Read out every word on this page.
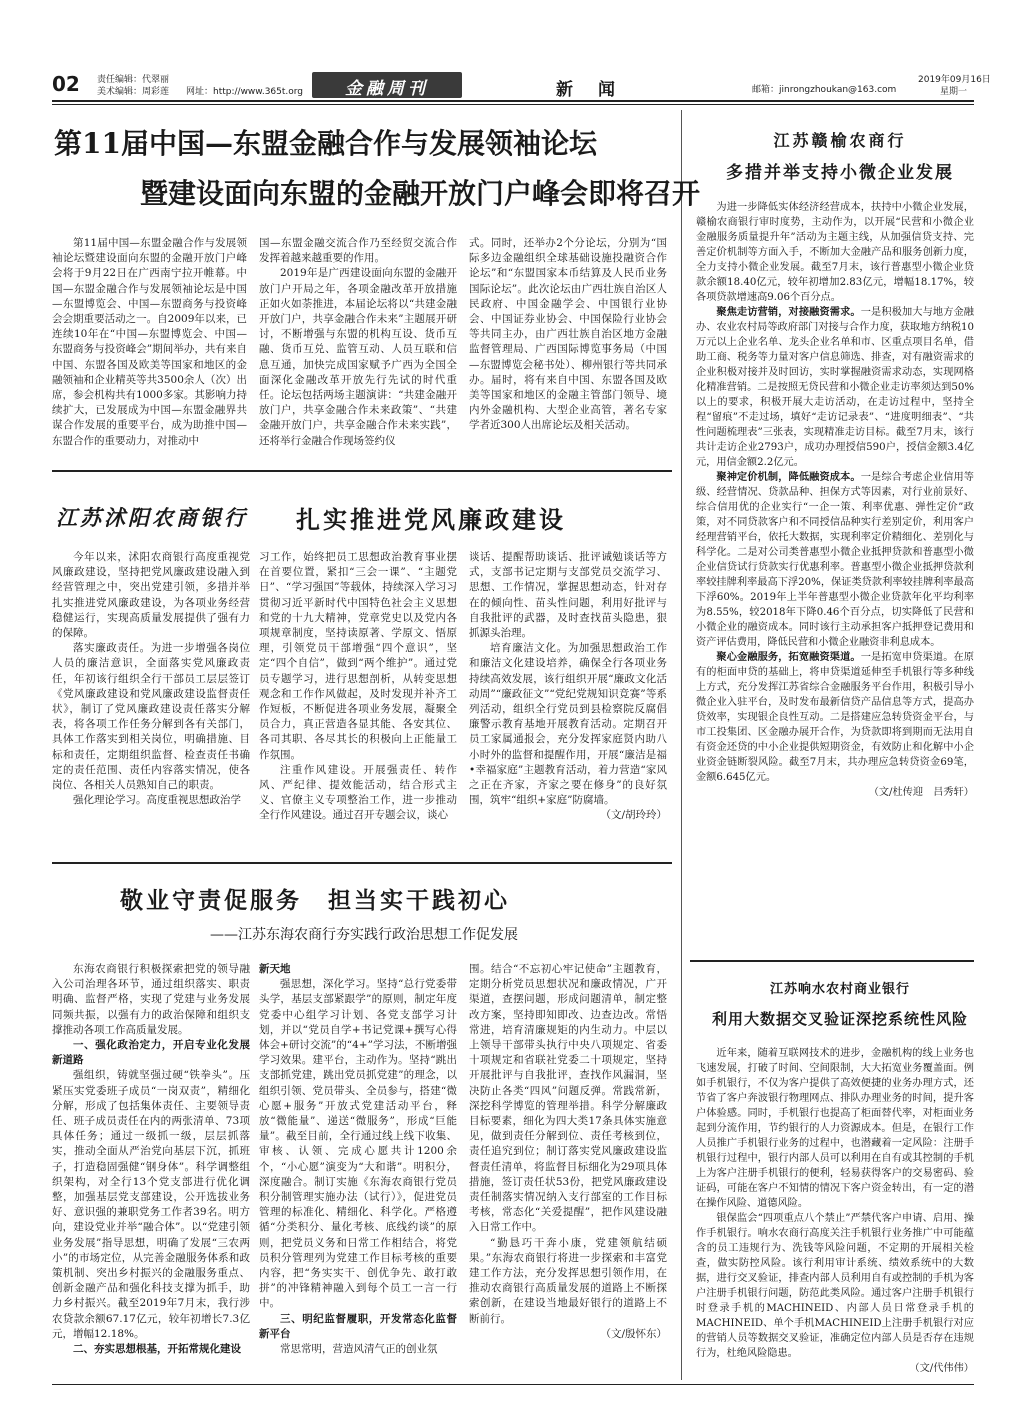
02 责任编辑：代翠丽
美术编辑：周彩莲 网址：http://www.365t.org	金融周刊	新　闻	邮箱：jinrongzhoukan@163.com
2019年09月16日
星期一
第11届中国—东盟金融合作与发展领袖论坛
暨建设面向东盟的金融开放门户峰会即将召开

第11届中国—东盟金融合作与发展领袖论坛暨建设面向东盟的金融开放门户峰会将于9月22日在广西南宁拉开帷幕。中国—东盟金融合作与发展领袖论坛是中国—东盟博览会、中国—东盟商务与投资峰会会期重要活动之一。自2009年以来，已连续10年在“中国—东盟博览会、中国—东盟商务与投资峰会”期间举办，共有来自中国、东盟各国及欧美等国家和地区的金融领袖和企业精英等共3500余人（次）出席，参会机构共有1000多家。其影响力持续扩大，已发展成为中国—东盟金融界共谋合作发展的重要平台，成为助推中国—东盟合作的重要动力，对推动中

国—东盟金融交流合作乃至经贸交流合作发挥着越来越重要的作用。

2019年是广西建设面向东盟的金融开放门户开局之年，各项金融改革开放措施正如火如荼推进，本届论坛将以“共建金融开放门户，共享金融合作未来”主题展开研讨，不断增强与东盟的机构互设、货币互融、货币互兑、监管互动、人员互联和信息互通，加快完成国家赋予广西为全国全面深化金融改革开放先行先试的时代重任。论坛包括两场主题演讲：“共建金融开放门户，共享金融合作未来政策”、“共建金融开放门户，共享金融合作未来实践”，还将举行金融合作现场签约仪

式。同时，还举办2个分论坛，分别为“国际多边金融组织全球基础设施投融资合作论坛”和“东盟国家本币结算及人民币业务国际论坛”。此次论坛由广西壮族自治区人民政府、中国金融学会、中国银行业协会、中国证券业协会、中国保险行业协会等共同主办，由广西壮族自治区地方金融监督管理局、广西国际博览事务局（中国—东盟博览会秘书处）、柳州银行等共同承办。届时，将有来自中国、东盟各国及欧美等国家和地区的金融主管部门领导、境内外金融机构、大型企业高管，著名专家学者近300人出席论坛及相关活动。

江苏沭阳农商银行 扎实推进党风廉政建设

今年以来，沭阳农商银行高度重视党风廉政建设，坚持把党风廉政建设融入到经营管理之中，突出党建引领，多措并举扎实推进党风廉政建设，为各项业务经营稳健运行，实现高质量发展提供了强有力的保障。

落实廉政责任。为进一步增强各岗位人员的廉洁意识，全面落实党风廉政责任，年初该行组织全行干部员工层层签订《党风廉政建设和党风廉政建设监督责任状》，制订了党风廉政建设责任落实分解表，将各项工作任务分解到各有关部门，具体工作落实到相关岗位，明确措施、目标和责任，定期组织监督、检查责任书确定的责任范围、责任内容落实情况，使各岗位、各相关人员熟知自己的职责。

强化理论学习。高度重视思想政治学

习工作，始终把员工思想政治教育事业摆在首要位置，紧扣“三会一课”、“主题党日”、“学习强国”等载体，持续深入学习习贯彻习近平新时代中国特色社会主义思想和党的十九大精神，党章党史以及党内各项规章制度，坚持读原著、学原文、悟原理，引领党员干部增强“四个意识”，坚定“四个自信”，做到“两个维护”。通过党员专题学习，进行思想剖析，从转变思想观念和工作作风做起，及时发现并补齐工作短板，不断促进各项业务发展，凝聚全员合力，真正营造各显其能、各安其位、各司其职、各尽其长的积极向上正能量工作氛围。

注重作风建设。开展强责任、转作风、严纪律、提效能活动，结合形式主义、官僚主义专项整治工作，进一步推动全行作风建设。通过召开专题会议，谈心

谈话、提醒帮助谈话、批评诫勉谈话等方式，支部书记定期与支部党员交流学习、思想、工作情况，掌握思想动态，针对存在的倾向性、苗头性问题，利用好批评与自我批评的武器，及时查找苗头隐患，狠抓源头治理。

培育廉洁文化。为加强思想政治工作和廉洁文化建设培养，确保全行各项业务持续高效发展，该行组织开展“廉政文化活动周”“廉政征文”“党纪党规知识竞赛”等系列活动，组织全行党员到县检察院反腐倡廉警示教育基地开展教育活动。定期召开员工家属通报会，充分发挥家庭贤内助八小时外的监督和提醒作用，开展“廉洁是福•幸福家庭”主题教育活动，着力营造“家风之正在齐家，齐家之要在修身”的良好氛围，筑牢“组织+家庭”防腐墙。

（文/胡玲玲）

敬业守责促服务　担当实干践初心
——江苏东海农商行夯实践行政治思想工作促发展

东海农商银行积极探索把党的领导融入公司治理各环节，通过组织落实、职责明确、监督严格，实现了党建与业务发展同频共振，以强有力的政治保障和组织支撑推动各项工作高质量发展。

一、强化政治定力，开启专业化发展新道路

强组织，铸就坚强过硬“铁拳头”。压紧压实党委班子成员“一岗双责”，精细化分解，形成了包括集体责任、主要领导责任、班子成员责任在内的两张清单、73项具体任务；通过一级抓一级，层层抓落实，推动全面从严治党向基层下沉，抓班子，打造稳固强健“钢身体”。科学调整组织架构，对全行13个党支部进行优化调整，加强基层党支部建设，公开选拔业务好、意识强的兼职党务工作者39名。明方向，建设党业并举“融合体”。以“党建引领业务发展”指导思想，明确了发展“三农两小”的市场定位，从完善金融服务体系和政策机制、突出乡村振兴的金融服务重点、创新金融产品和强化科技支撑为抓手，助力乡村振兴。截至2019年7月末，我行涉农贷款余额67.17亿元，较年初增长7.3亿元，增幅12.18%。

二、夯实思想根基，开拓常规化建设

新天地

强思想，深化学习。坚持“总行党委带头学，基层支部紧跟学”的原则，制定年度党委中心组学习计划、各党支部学习计划，并以“党员自学+书记党课+撰写心得体会+研讨交流”的“4+”学习法，不断增强学习效果。建平台，主动作为。坚持“跳出支部抓党建，跳出党员抓党建”的理念，以组织引领、党员带头、全员参与，搭建“微心愿+服务”开放式党建活动平台，释放“微能量”、递送“微服务”，形成“巨能量”。截至目前，全行通过线上线下收集、审核、认领、完成心愿共计1200余个，“小心愿”演变为“大和谐”。明积分，深度融合。制订实施《东海农商银行党员积分制管理实施办法（试行）》，促进党员管理的标准化、精细化、科学化。严格遵循“分类积分、量化考核、底线约谈”的原则，把党员义务和日常工作相结合，将党员积分管理列为党建工作目标考核的重要内容，把“务实实干、创优争先、敢打敢拼”的冲锋精神融入到每个员工一言一行中。

三、明纪监督履职，开发常态化监督新平台

常思常明，营造风清气正的创业氛

围。结合“不忘初心牢记使命”主题教育，定期分析党员思想状况和廉政情况，广开渠道，查摆问题，形成问题清单，制定整改方案，坚持即知即改、边查边改。常悟常进，培育清廉规矩的内生动力。中层以上领导干部带头执行中央八项规定、省委十项规定和省联社党委二十项规定，坚持开展批评与自我批评，查找作风漏洞，坚决防止各类“四风”问题反弹。常践常新，深挖科学博览的管理举措。科学分解廉政目标要素，细化为四大类17条具体实施意见，做到责任分解到位、责任考核到位，责任追究到位；制订落实党风廉政建设监督责任清单，将监督目标细化为29项具体措施，签订责任状53份，把党风廉政建设责任制落实情况纳入支行部室的工作目标考核，常态化“关爱提醒”，把作风建设融入日常工作中。

“勤恳巧干奔小康，党建领航结硕果。”东海农商银行将进一步探索和丰富党建工作方法，充分发挥思想引领作用，在推动农商银行高质量发展的道路上不断探索创新，在建设当地最好银行的道路上不断前行。

（文/殷怀东）

江苏赣榆农商行
多措并举支持小微企业发展

为进一步降低实体经济经营成本，扶持中小微企业发展，赣榆农商银行审时度势，主动作为，以开展“民营和小微企业金融服务质量提升年”活动为主题主线，从加强信贷支持、完善定价机制等方面入手，不断加大金融产品和服务创新力度，全力支持小微企业发展。截至7月末，该行普惠型小微企业贷款余额18.40亿元，较年初增加2.83亿元，增幅18.17%，较各项贷款增速高9.06个百分点。

聚焦走访营销，对接融资需求。一是积极加大与地方金融办、农业农村局等政府部门对接与合作力度，获取地方纳税10万元以上企业名单、龙头企业名单和市、区重点项目名单，借助工商、税务等力量对客户信息筛选、排查，对有融资需求的企业积极对接并及时回访，实时掌握融资需求动态，实现网格化精准营销。二是按照无贷民营和小微企业走访率须达到50%以上的要求，积极开展大走访活动，在走访过程中，坚持全程“留痕”不走过场，填好“走访记录表”、“进度明细表”、“共性问题梳理表”三张表，实现精准走访目标。截至7月末，该行共计走访企业2793户，成功办理授信590户，授信金额3.4亿元，用信金额2.2亿元。

聚神定价机制，降低融资成本。一是综合考虑企业信用等级、经营情况、贷款品种、担保方式等因素，对行业前景好、综合信用优的企业实行“一企一策、利率优惠、弹性定价”政策，对不同贷款客户和不同授信品种实行差别定价，利用客户经理营销平台，依托大数据，实现利率定价精细化、差别化与科学化。二是对公司类普惠型小微企业抵押贷款和普惠型小微企业信贷试行贷款实行优惠利率。普惠型小微企业抵押贷款利率较挂牌利率最高下浮20%，保证类贷款利率较挂牌利率最高下浮60%。2019年上半年普惠型小微企业贷款年化平均利率为8.55%，较2018年下降0.46个百分点，切实降低了民营和小微企业的融资成本。同时该行主动承担客户抵押登记费用和资产评估费用，降低民营和小微企业融资非利息成本。

聚心金融服务，拓宽融资渠道。一是拓宽申贷渠道。在原有的柜面申贷的基础上，将申贷渠道延伸至手机银行等多种线上方式，充分发挥江苏省综合金融服务平台作用，积极引导小微企业入驻平台，及时发布最新信贷产品信息等方式，提高办贷效率，实现银企良性互动。二是搭建应急转贷资金平台，与市工投集团、区金融办展开合作，为贷款即将到期而无法用自有资金还贷的中小企业提供短期资金，有效防止和化解中小企业资金链断裂风险。截至7月末，共办理应急转贷资金69笔，金额6.645亿元。

（文/杜传迎　吕秀轩）

江苏响水农村商业银行
利用大数据交叉验证深挖系统性风险

近年来，随着互联网技术的进步，金融机构的线上业务也飞速发展，打破了时间、空间限制，大大拓宽业务覆盖面。例如手机银行，不仅为客户提供了高效便捷的业务办理方式，还节省了客户奔波银行物理网点、排队办理业务的时间，提升客户体验感。同时，手机银行也提高了柜面替代率，对柜面业务起到分流作用，节约银行的人力资源成本。但是，在银行工作人员推广手机银行业务的过程中，也潜藏着一定风险：注册手机银行过程中，银行内部人员可以利用在自有或其控制的手机上为客户注册手机银行的便利，轻易获得客户的交易密码、验证码，可能在客户不知情的情况下客户资金转出，有一定的潜在操作风险、道德风险。

银保监会“四项重点八个禁止”严禁代客户申请、启用、操作手机银行。响水农商行高度关注手机银行业务推广中可能蕴含的员工违规行为、洗钱等风险问题，不定期的开展相关检查，做实防控风险。该行利用审计系统、绩效系统中的大数据，进行交叉验证，排查内部人员利用自有或控制的手机为客户注册手机银行问题，防范此类风险。通过客户注册手机银行时登录手机的MACHINEID、内部人员日常登录手机的MACHINEID、单个手机MACHINEID上注册手机银行对应的营销人员等数据交叉验证，准确定位内部人员是否存在违规行为，杜绝风险隐患。

（文/代伟伟）
